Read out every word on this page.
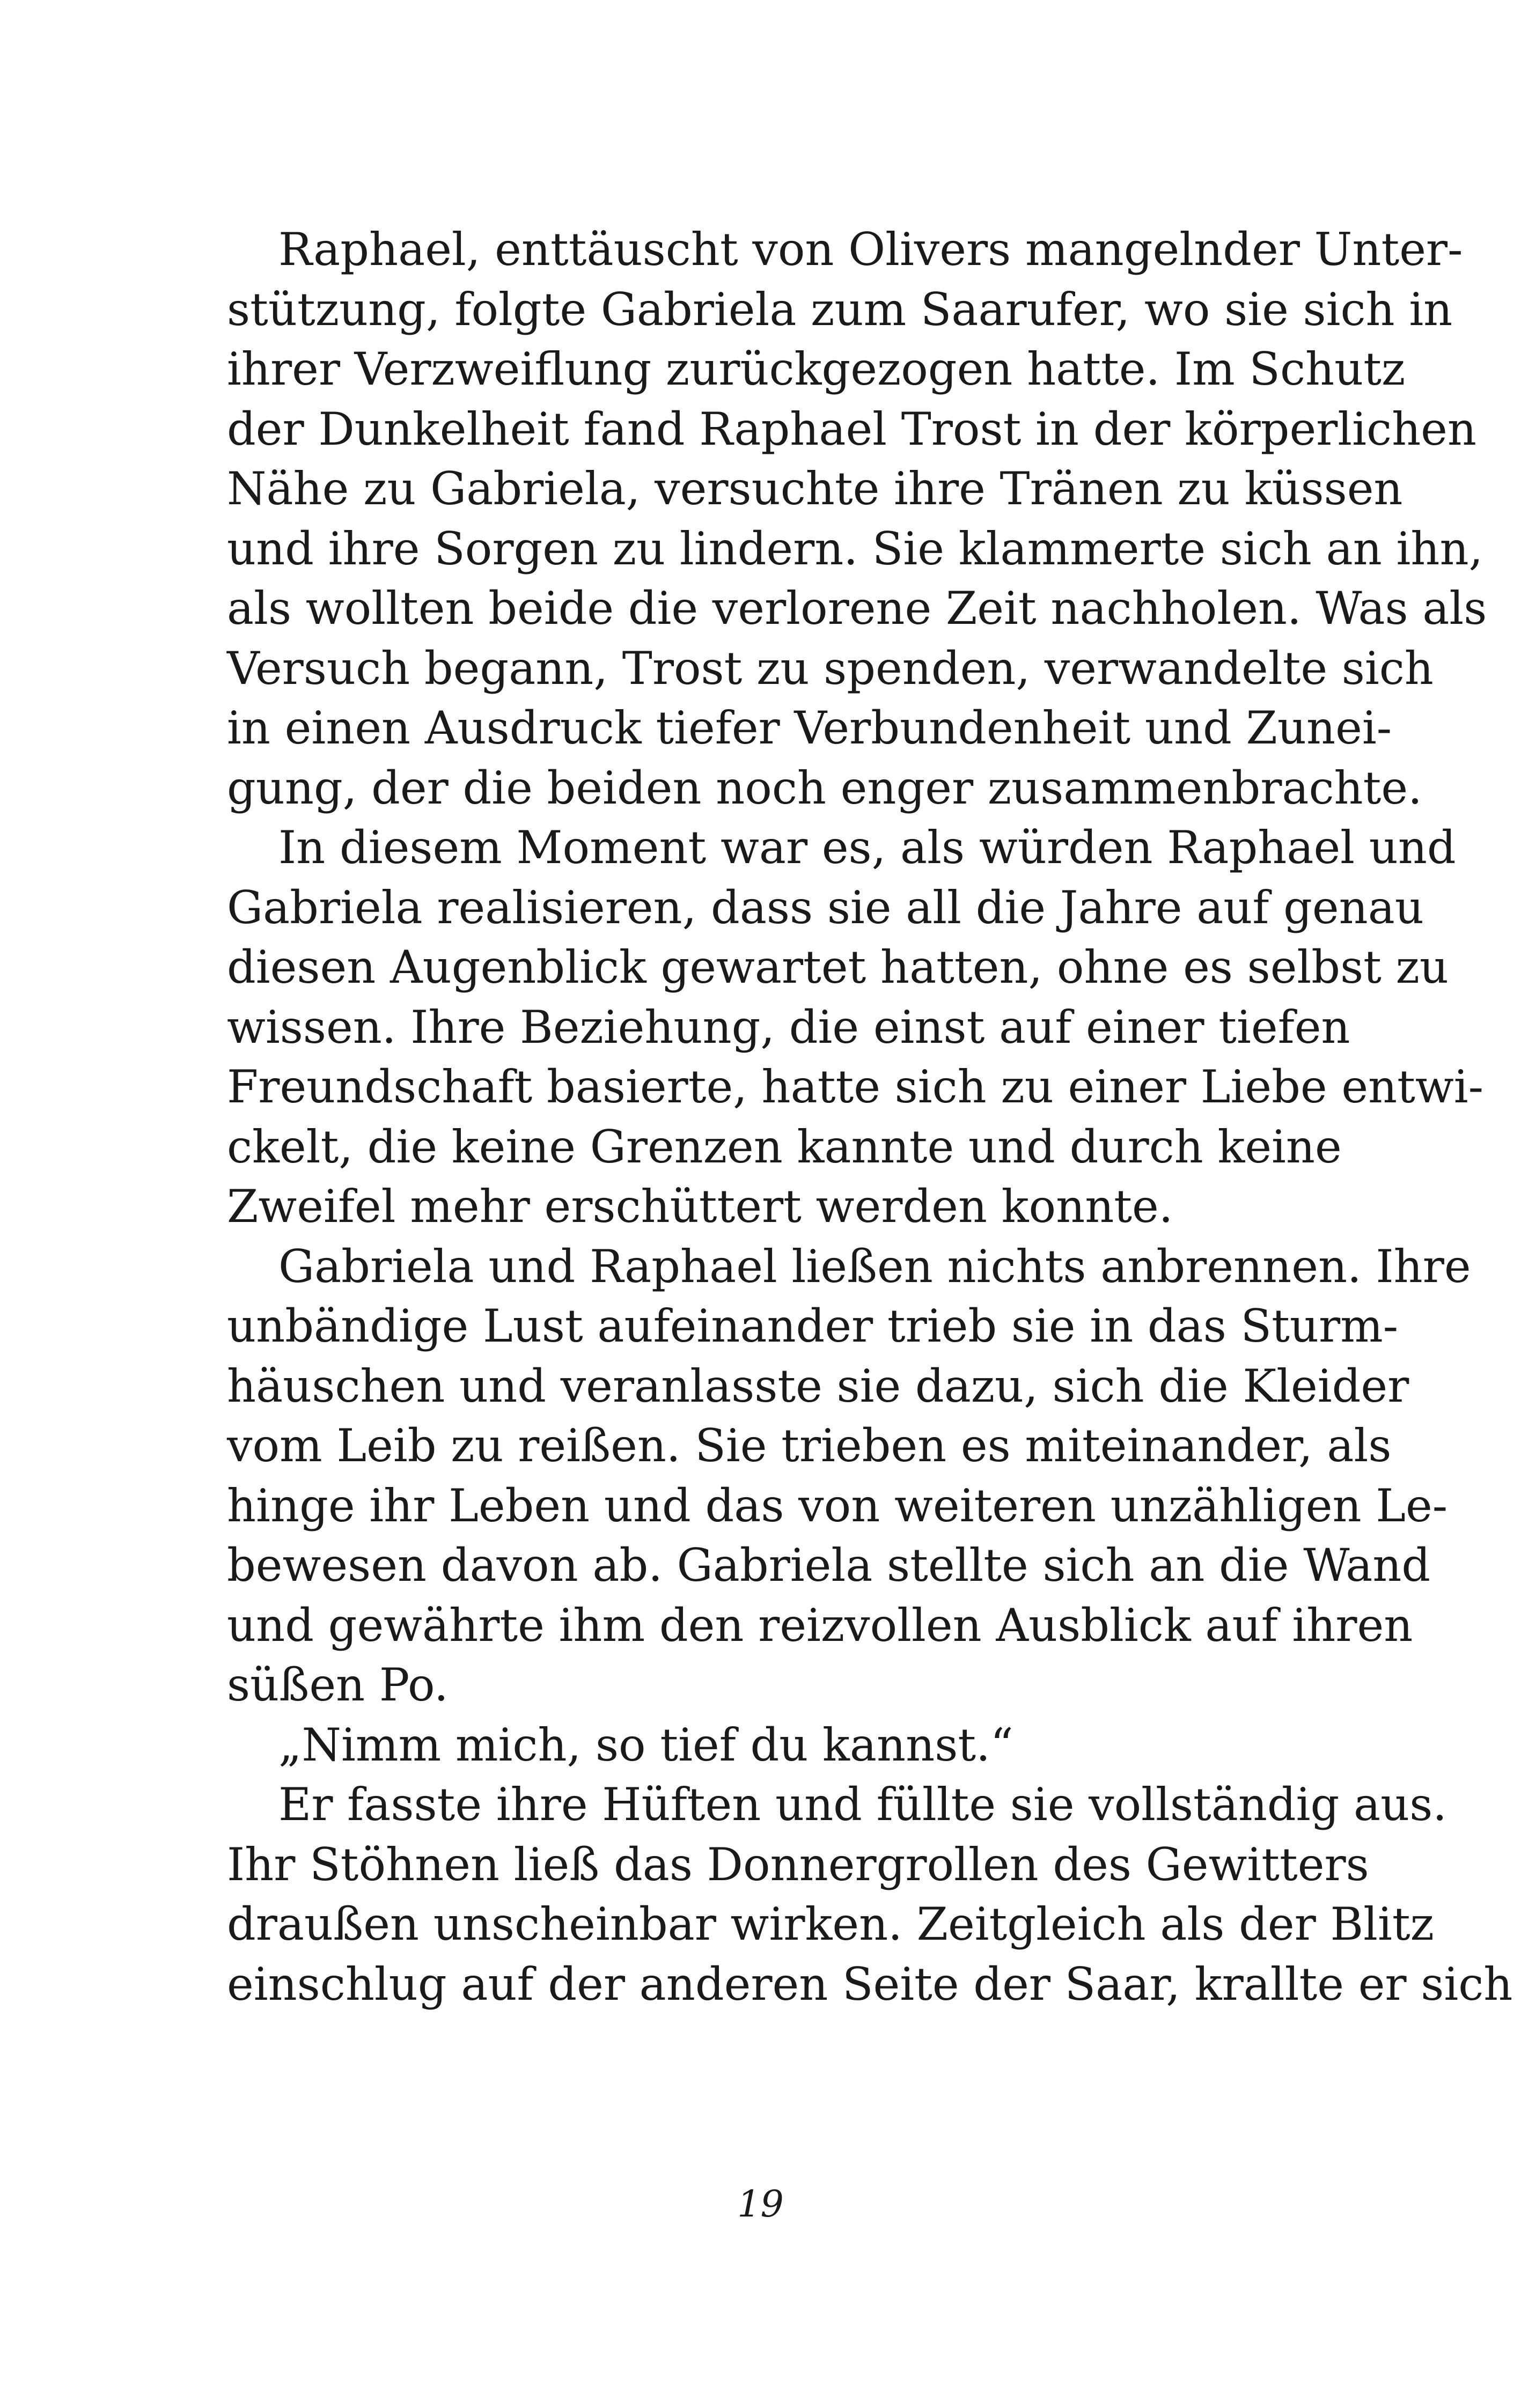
Raphael, enttäuscht von Olivers mangelnder Unter-
stützung, folgte Gabriela zum Saarufer, wo sie sich in
ihrer Verzweiflung zurückgezogen hatte. Im Schutz
der Dunkelheit fand Raphael Trost in der körperlichen
Nähe zu Gabriela, versuchte ihre Tränen zu küssen
und ihre Sorgen zu lindern. Sie klammerte sich an ihn,
als wollten beide die verlorene Zeit nachholen. Was als
Versuch begann, Trost zu spenden, verwandelte sich
in einen Ausdruck tiefer Verbundenheit und Zunei-
gung, der die beiden noch enger zusammenbrachte.
In diesem Moment war es, als würden Raphael und
Gabriela realisieren, dass sie all die Jahre auf genau
diesen Augenblick gewartet hatten, ohne es selbst zu
wissen. Ihre Beziehung, die einst auf einer tiefen
Freundschaft basierte, hatte sich zu einer Liebe entwi-
ckelt, die keine Grenzen kannte und durch keine
Zweifel mehr erschüttert werden konnte.
Gabriela und Raphael ließen nichts anbrennen. Ihre
unbändige Lust aufeinander trieb sie in das Sturm-
häuschen und veranlasste sie dazu, sich die Kleider
vom Leib zu reißen. Sie trieben es miteinander, als
hinge ihr Leben und das von weiteren unzähligen Le-
bewesen davon ab. Gabriela stellte sich an die Wand
und gewährte ihm den reizvollen Ausblick auf ihren
süßen Po.
„Nimm mich, so tief du kannst.“
Er fasste ihre Hüften und füllte sie vollständig aus.
Ihr Stöhnen ließ das Donnergrollen des Gewitters
draußen unscheinbar wirken. Zeitgleich als der Blitz
einschlug auf der anderen Seite der Saar, krallte er sich
19
